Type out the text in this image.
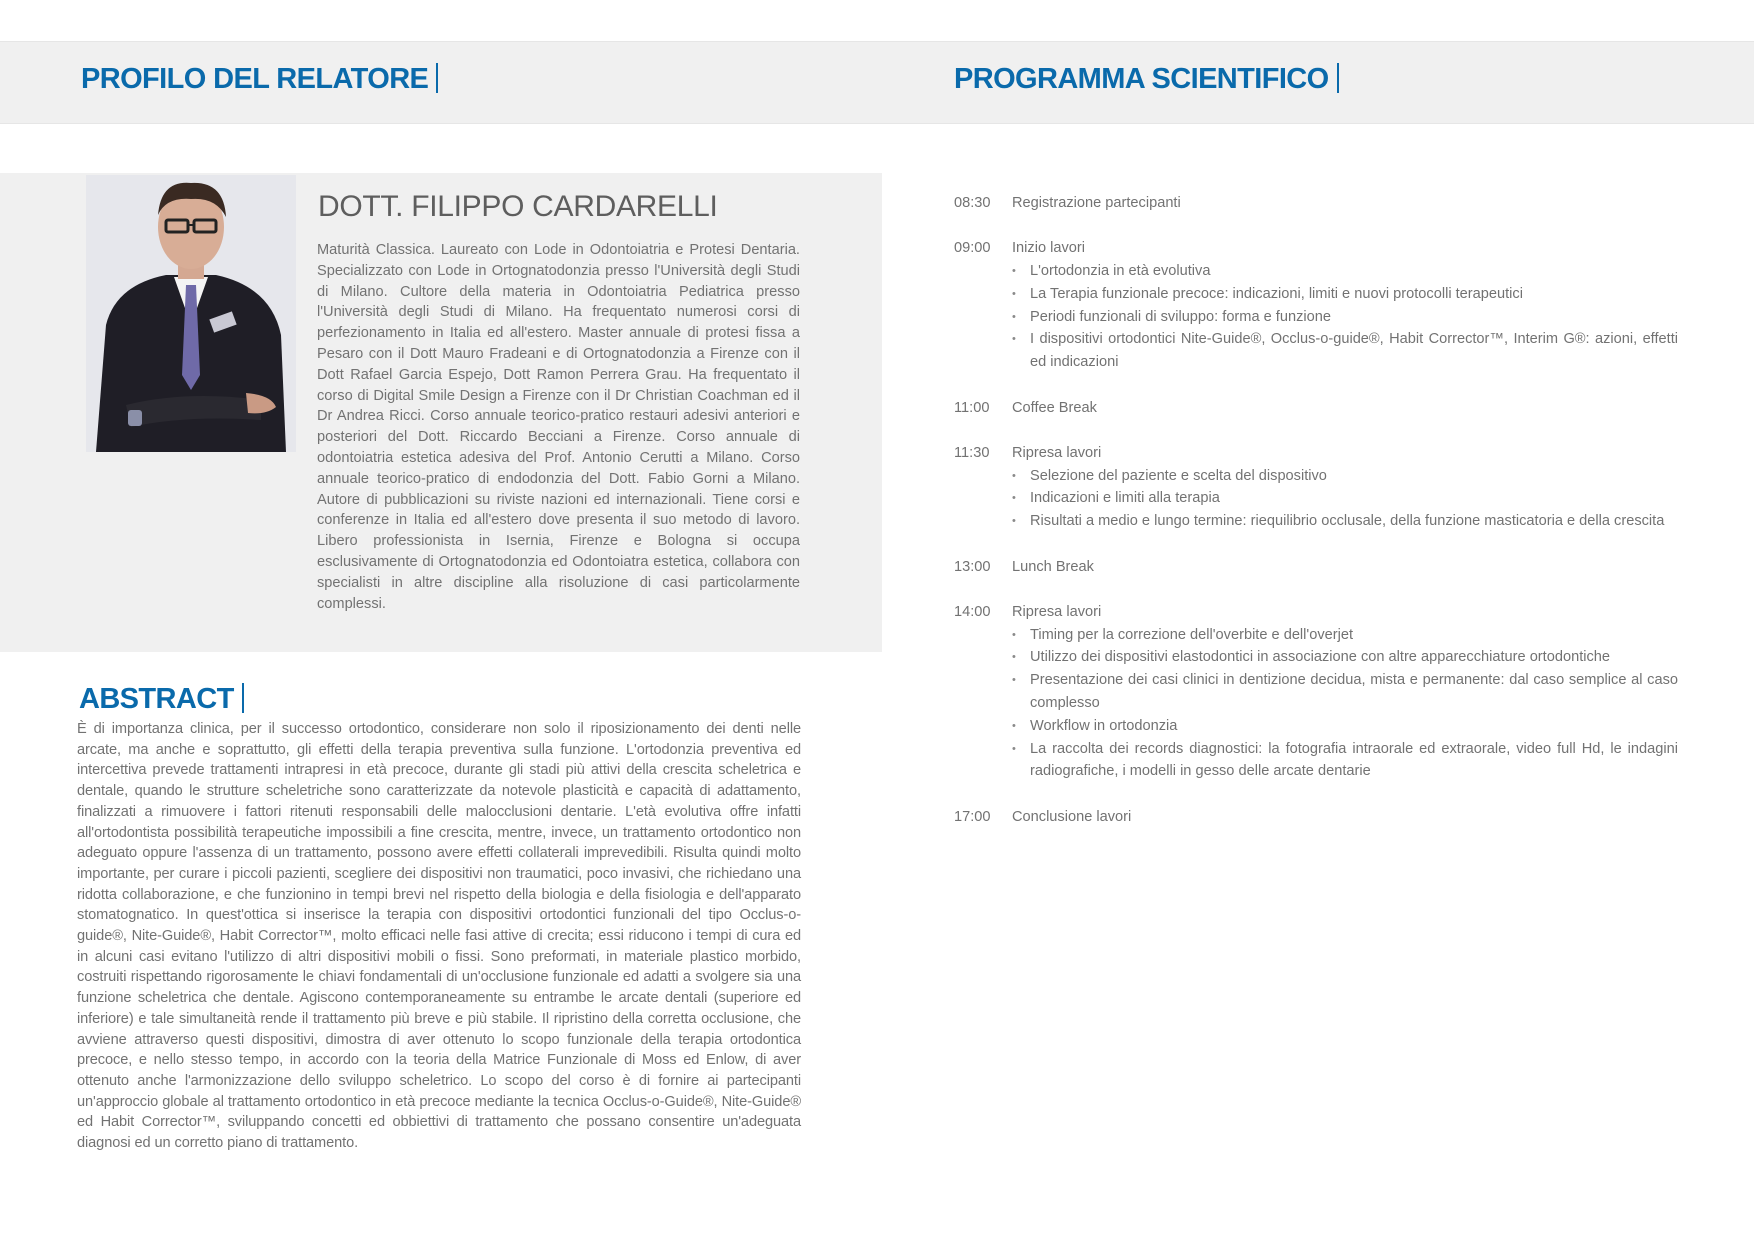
PROFILO DEL RELATORE	PROGRAMMA SCIENTIFICO
DOTT. FILIPPO CARDARELLI
Maturità Classica. Laureato con Lode in Odontoiatria e Protesi Dentaria. Specializzato con Lode in Ortognatodonzia presso l'Università degli Studi di Milano. Cultore della materia in Odontoiatria Pediatrica presso l'Università degli Studi di Milano. Ha frequentato numerosi corsi di perfezionamento in Italia ed all'estero. Master annuale di protesi fissa a Pesaro con il Dott Mauro Fradeani e di Ortognatodonzia a Firenze con il Dott Rafael Garcia Espejo, Dott Ramon Perrera Grau. Ha frequentato il corso di Digital Smile Design a Firenze con il Dr Christian Coachman ed il Dr Andrea Ricci. Corso annuale teorico-pratico restauri adesivi anteriori e posteriori del Dott. Riccardo Becciani a Firenze. Corso annuale di odontoiatria estetica adesiva del Prof. Antonio Cerutti a Milano. Corso annuale teorico-pratico di endodonzia del Dott. Fabio Gorni a Milano. Autore di pubblicazioni su riviste nazioni ed internazionali. Tiene corsi e conferenze in Italia ed all'estero dove presenta il suo metodo di lavoro. Libero professionista in Isernia, Firenze e Bologna si occupa esclusivamente di Ortognatodonzia ed Odontoiatra estetica, collabora con specialisti in altre discipline alla risoluzione di casi particolarmente complessi.
ABSTRACT
È di importanza clinica, per il successo ortodontico, considerare non solo il riposizionamento dei denti nelle arcate, ma anche e soprattutto, gli effetti della terapia preventiva sulla funzione. L'ortodonzia preventiva ed intercettiva prevede trattamenti intrapresi in età precoce, durante gli stadi più attivi della crescita scheletrica e dentale, quando le strutture scheletriche sono caratterizzate da notevole plasticità e capacità di adattamento, finalizzati a rimuovere i fattori ritenuti responsabili delle malocclusioni dentarie. L'età evolutiva offre infatti all'ortodontista possibilità terapeutiche impossibili a fine crescita, mentre, invece, un trattamento ortodontico non adeguato oppure l'assenza di un trattamento, possono avere effetti collaterali imprevedibili. Risulta quindi molto importante, per curare i piccoli pazienti, scegliere dei dispositivi non traumatici, poco invasivi, che richiedano una ridotta collaborazione, e che funzionino in tempi brevi nel rispetto della biologia e della fisiologia e dell'apparato stomatognatico. In quest'ottica si inserisce la terapia con dispositivi ortodontici funzionali del tipo Occlus-o-guide®, Nite-Guide®, Habit Corrector™, molto efficaci nelle fasi attive di crecita; essi riducono i tempi di cura ed in alcuni casi evitano l'utilizzo di altri dispositivi mobili o fissi. Sono preformati, in materiale plastico morbido, costruiti rispettando rigorosamente le chiavi fondamentali di un'occlusione funzionale ed adatti a svolgere sia una funzione scheletrica che dentale. Agiscono contemporaneamente su entrambe le arcate dentali (superiore ed inferiore) e tale simultaneità rende il trattamento più breve e più stabile. Il ripristino della corretta occlusione, che avviene attraverso questi dispositivi, dimostra di aver ottenuto lo scopo funzionale della terapia ortodontica precoce, e nello stesso tempo, in accordo con la teoria della Matrice Funzionale di Moss ed Enlow, di aver ottenuto anche l'armonizzazione dello sviluppo scheletrico. Lo scopo del corso è di fornire ai partecipanti un'approccio globale al trattamento ortodontico in età precoce mediante la tecnica Occlus-o-Guide®, Nite-Guide® ed Habit Corrector™, sviluppando concetti ed obbiettivi di trattamento che possano consentire un'adeguata diagnosi ed un corretto piano di trattamento.
08:30	Registrazione partecipanti
09:00	Inizio lavori
• L'ortodonzia in età evolutiva
• La Terapia funzionale precoce: indicazioni, limiti e nuovi protocolli terapeutici
• Periodi funzionali di sviluppo: forma e funzione
• I dispositivi ortodontici Nite-Guide®, Occlus-o-guide®, Habit Corrector™, Interim G®: azioni, effetti ed indicazioni
11:00	Coffee Break
11:30	Ripresa lavori
• Selezione del paziente e scelta del dispositivo
• Indicazioni e limiti alla terapia
• Risultati a medio e lungo termine: riequilibrio occlusale, della funzione masticatoria e della crescita
13:00	Lunch Break
14:00	Ripresa lavori
• Timing per la correzione dell'overbite e dell'overjet
• Utilizzo dei dispositivi elastodontici in associazione con altre apparecchiature ortodontiche
• Presentazione dei casi clinici in dentizione decidua, mista e permanente: dal caso semplice al caso complesso
• Workflow in ortodonzia
• La raccolta dei records diagnostici: la fotografia intraorale ed extraorale, video full Hd, le indagini radiografiche, i modelli in gesso delle arcate dentarie
17:00	Conclusione lavori
